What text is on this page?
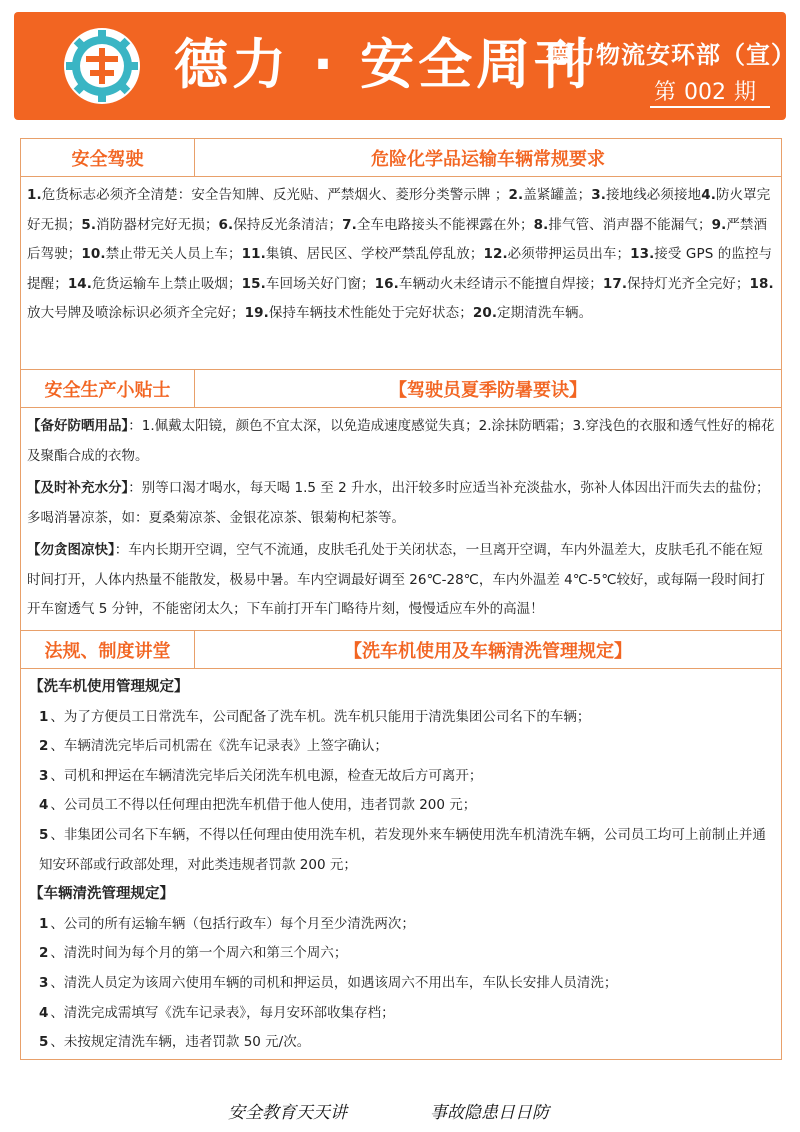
德力 · 安全周刊
德力物流安环部（宣）
第 002 期
安全驾驶	危险化学品运输车辆常规要求
1.危货标志必须齐全清楚：安全告知牌、反光贴、严禁烟火、菱形分类警示牌 ；2.盖紧罐盖；3.接地线必须接地4.防火罩完好无损；5.消防器材完好无损；6.保持反光条清洁；7.全车电路接头不能裸露在外；8.排气管、消声器不能漏气；9.严禁酒后驾驶；10.禁止带无关人员上车；11.集镇、居民区、学校严禁乱停乱放；12.必须带押运员出车；13.接受 GPS 的监控与提醒；14.危货运输车上禁止吸烟；15.车回场关好门窗；16.车辆动火未经请示不能擅自焊接；17.保持灯光齐全完好；18.放大号牌及喷涂标识必须齐全完好；19.保持车辆技术性能处于完好状态；20.定期清洗车辆。
安全生产小贴士	【驾驶员夏季防暑要诀】

【备好防晒用品】：1.佩戴太阳镜，颜色不宜太深，以免造成速度感觉失真；2.涂抹防晒霜；3.穿浅色的衣服和透气性好的棉花及聚酯合成的衣物。

【及时补充水分】：别等口渴才喝水，每天喝 1.5 至 2 升水，出汗较多时应适当补充淡盐水，弥补人体因出汗而失去的盐份；多喝消暑凉茶，如：夏桑菊凉茶、金银花凉茶、银菊枸杞茶等。

【勿贪图凉快】：车内长期开空调，空气不流通，皮肤毛孔处于关闭状态，一旦离开空调，车内外温差大，皮肤毛孔不能在短时间打开，人体内热量不能散发，极易中暑。车内空调最好调至 26℃-28℃，车内外温差 4℃-5℃较好，或每隔一段时间打开车窗透气 5 分钟，不能密闭太久；下车前打开车门略待片刻，慢慢适应车外的高温！

法规、制度讲堂	【洗车机使用及车辆清洗管理规定】
【洗车机使用管理规定】
1 、为了方便员工日常洗车，公司配备了洗车机。洗车机只能用于清洗集团公司名下的车辆；
2 、车辆清洗完毕后司机需在《洗车记录表》上签字确认；
3 、司机和押运在车辆清洗完毕后关闭洗车机电源，检查无故后方可离开；
4 、公司员工不得以任何理由把洗车机借于他人使用，违者罚款 200 元；
5 、非集团公司名下车辆，不得以任何理由使用洗车机，若发现外来车辆使用洗车机清洗车辆，公司员工均可上前制止并通知安环部或行政部处理，对此类违规者罚款 200 元；
【车辆清洗管理规定】
1 、公司的所有运输车辆（包括行政车）每个月至少清洗两次；
2 、清洗时间为每个月的第一个周六和第三个周六；
3 、清洗人员定为该周六使用车辆的司机和押运员，如遇该周六不用出车，车队长安排人员清洗；
4 、清洗完成需填写《洗车记录表》，每月安环部收集存档；
5 、未按规定清洗车辆，违者罚款 50 元/次。
安全教育天天讲	事故隐患日日防
